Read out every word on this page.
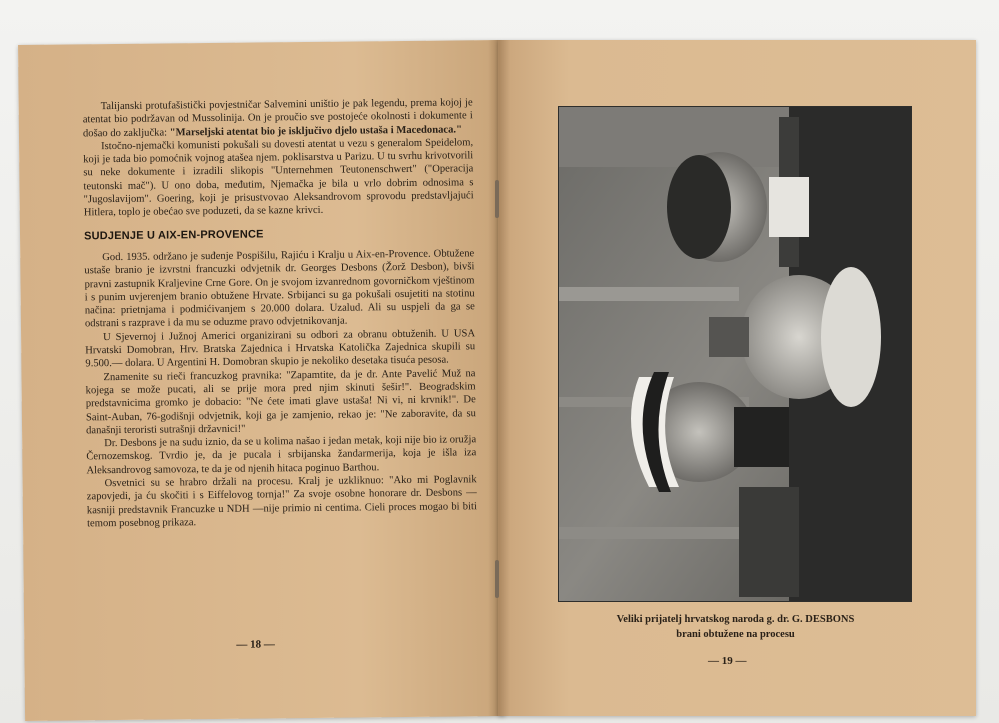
Talijanski protufašistički povjestničar Salvemini uništio je pak legendu, prema kojoj je atentat bio podržavan od Mussolinija. On je proučio sve postojeće okolnosti i dokumente i došao do zaključka: "Marseljski atentat bio je isključivo djelo ustaša i Macedonaca."

Istočno-njemački komunisti pokušali su dovesti atentat u vezu s generalom Speidelom, koji je tada bio pomoćnik vojnog atašea njem. poklisarstva u Parizu. U tu svrhu krivotvorili su neke dokumente i izradili slikopis "Unternehmen Teutonenschwert" ("Operacija teutonski mač"). U ono doba, međutim, Njemačka je bila u vrlo dobrim odnosima s "Jugoslavijom". Goering, koji je prisustvovao Aleksandrovom sprovodu predstavljajući Hitlera, toplo je obećao sve poduzeti, da se kazne krivci.

SUDJENJE U AIX-EN-PROVENCE

God. 1935. održano je suđenje Pospišilu, Rajiću i Kralju u Aix-en-Provence. Obtužene ustaše branio je izvrstni francuzki odvjetnik dr. Georges Desbons (Žorž Desbon), bivši pravni zastupnik Kraljevine Crne Gore. On je svojom izvanrednom govorničkom vještinom i s punim uvjerenjem branio obtužene Hrvate. Srbijanci su ga pokušali osujetiti na stotinu načina: prietnjama i podmićivanjem s 20.000 dolara. Uzalud. Ali su uspjeli da ga se odstrani s razprave i da mu se oduzme pravo odvjetnikovanja.

U Sjevernoj i Južnoj Americi organizirani su odbori za obranu obtuženih. U USA Hrvatski Domobran, Hrv. Bratska Zajednica i Hrvatska Katolička Zajednica skupili su 9.500.— dolara. U Argentini H. Domobran skupio je nekoliko desetaka tisuća pesosa.

Znamenite su rieči francuzkog pravnika: "Zapamtite, da je dr. Ante Pavelić Muž na kojega se može pucati, ali se prije mora pred njim skinuti šešir!". Beogradskim predstavnicima gromko je dobacio: "Ne ćete imati glave ustaša! Ni vi, ni krvnik!". De Saint-Auban, 76-godišnji odvjetnik, koji ga je zamjenio, rekao je: "Ne zaboravite, da su današnji teroristi sutrašnji državnici!"

Dr. Desbons je na sudu iznio, da se u kolima našao i jedan metak, koji nije bio iz oružja Černozemskog. Tvrdio je, da je pucala i srbijanska žandarmerija, koja je išla iza Aleksandrovog samovoza, te da je od njenih hitaca poginuo Barthou.

Osvetnici su se hrabro držali na procesu. Kralj je uzkliknuo: "Ako mi Poglavnik zapovjedi, ja ću skočiti i s Eiffelovog tornja!" Za svoje osobne honorare dr. Desbons — kasniji predstavnik Francuzke u NDH —nije primio ni centima. Cieli proces mogao bi biti temom posebnog prikaza.

— 18 —
Veliki prijatelj hrvatskog naroda g. dr. G. DESBONS
brani obtužene na procesu
— 19 —
